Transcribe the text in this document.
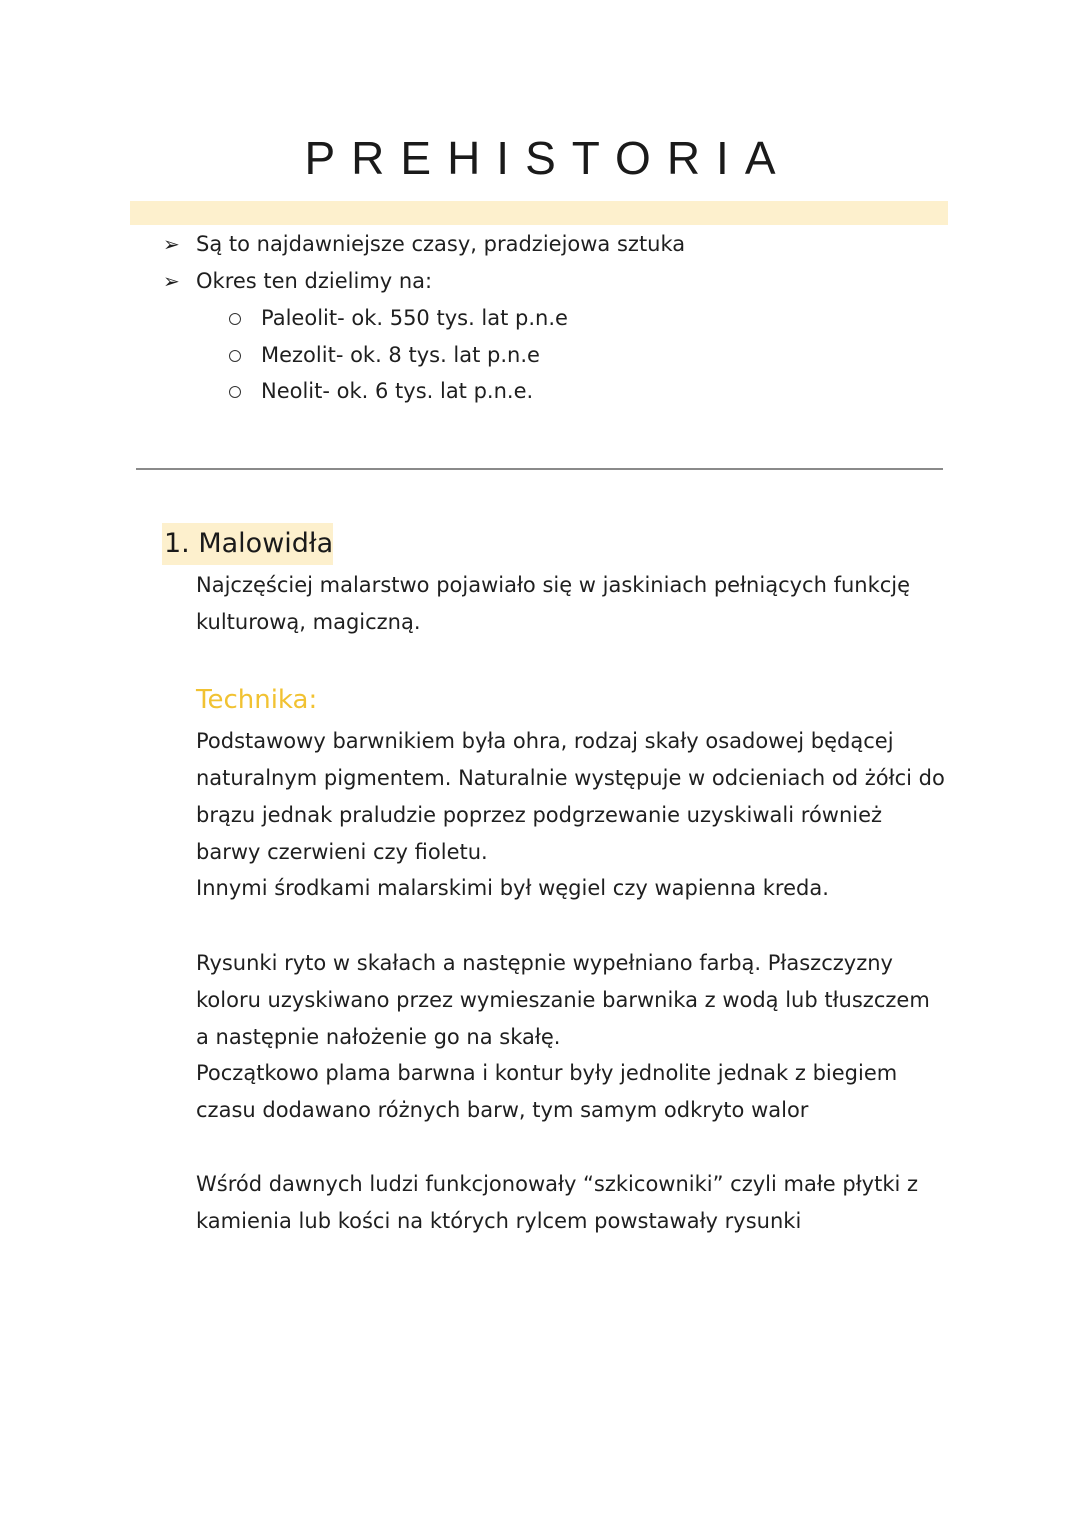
PREHISTORIA
➢ Są to najdawniejsze czasy, pradziejowa sztuka
➢ Okres ten dzielimy na:
Paleolit- ok. 550 tys. lat p.n.e
Mezolit- ok. 8 tys. lat p.n.e
Neolit- ok. 6 tys. lat p.n.e.
1. Malowidła
Najczęściej malarstwo pojawiało się w jaskiniach pełniących funkcję
kulturową, magiczną.
Technika:
Podstawowy barwnikiem była ohra, rodzaj skały osadowej będącej
naturalnym pigmentem. Naturalnie występuje w odcieniach od żółci do
brązu jednak praludzie poprzez podgrzewanie uzyskiwali również
barwy czerwieni czy fioletu.
Innymi środkami malarskimi był węgiel czy wapienna kreda.
Rysunki ryto w skałach a następnie wypełniano farbą. Płaszczyzny
koloru uzyskiwano przez wymieszanie barwnika z wodą lub tłuszczem
a następnie nałożenie go na skałę.
Początkowo plama barwna i kontur były jednolite jednak z biegiem
czasu dodawano różnych barw, tym samym odkryto walor
Wśród dawnych ludzi funkcjonowały “szkicowniki” czyli małe płytki z
kamienia lub kości na których rylcem powstawały rysunki
